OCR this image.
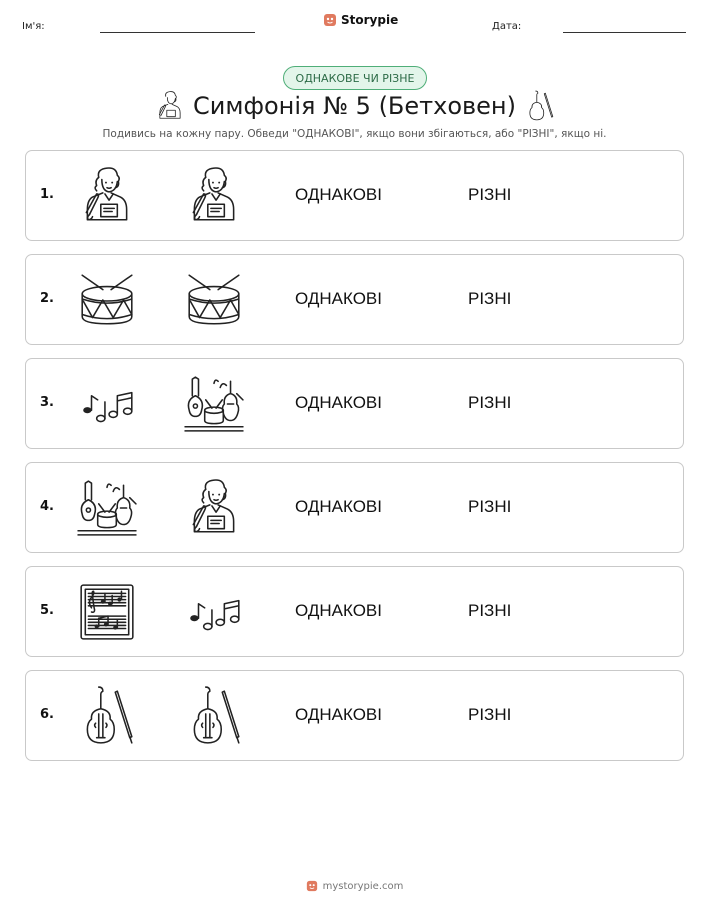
Ім'я:	Storypie	Дата:
ОДНАКОВЕ ЧИ РІЗНЕ
Симфонія № 5 (Бетховен)
Подивись на кожну пару. Обведи "ОДНАКОВІ", якщо вони збігаються, або "РІЗНІ", якщо ні.
1.	ОДНАКОВІ	РІЗНІ
2.	ОДНАКОВІ	РІЗНІ
3.	ОДНАКОВІ	РІЗНІ
4.	ОДНАКОВІ	РІЗНІ
5.	ОДНАКОВІ	РІЗНІ
6.	ОДНАКОВІ	РІЗНІ
mystorypie.com
